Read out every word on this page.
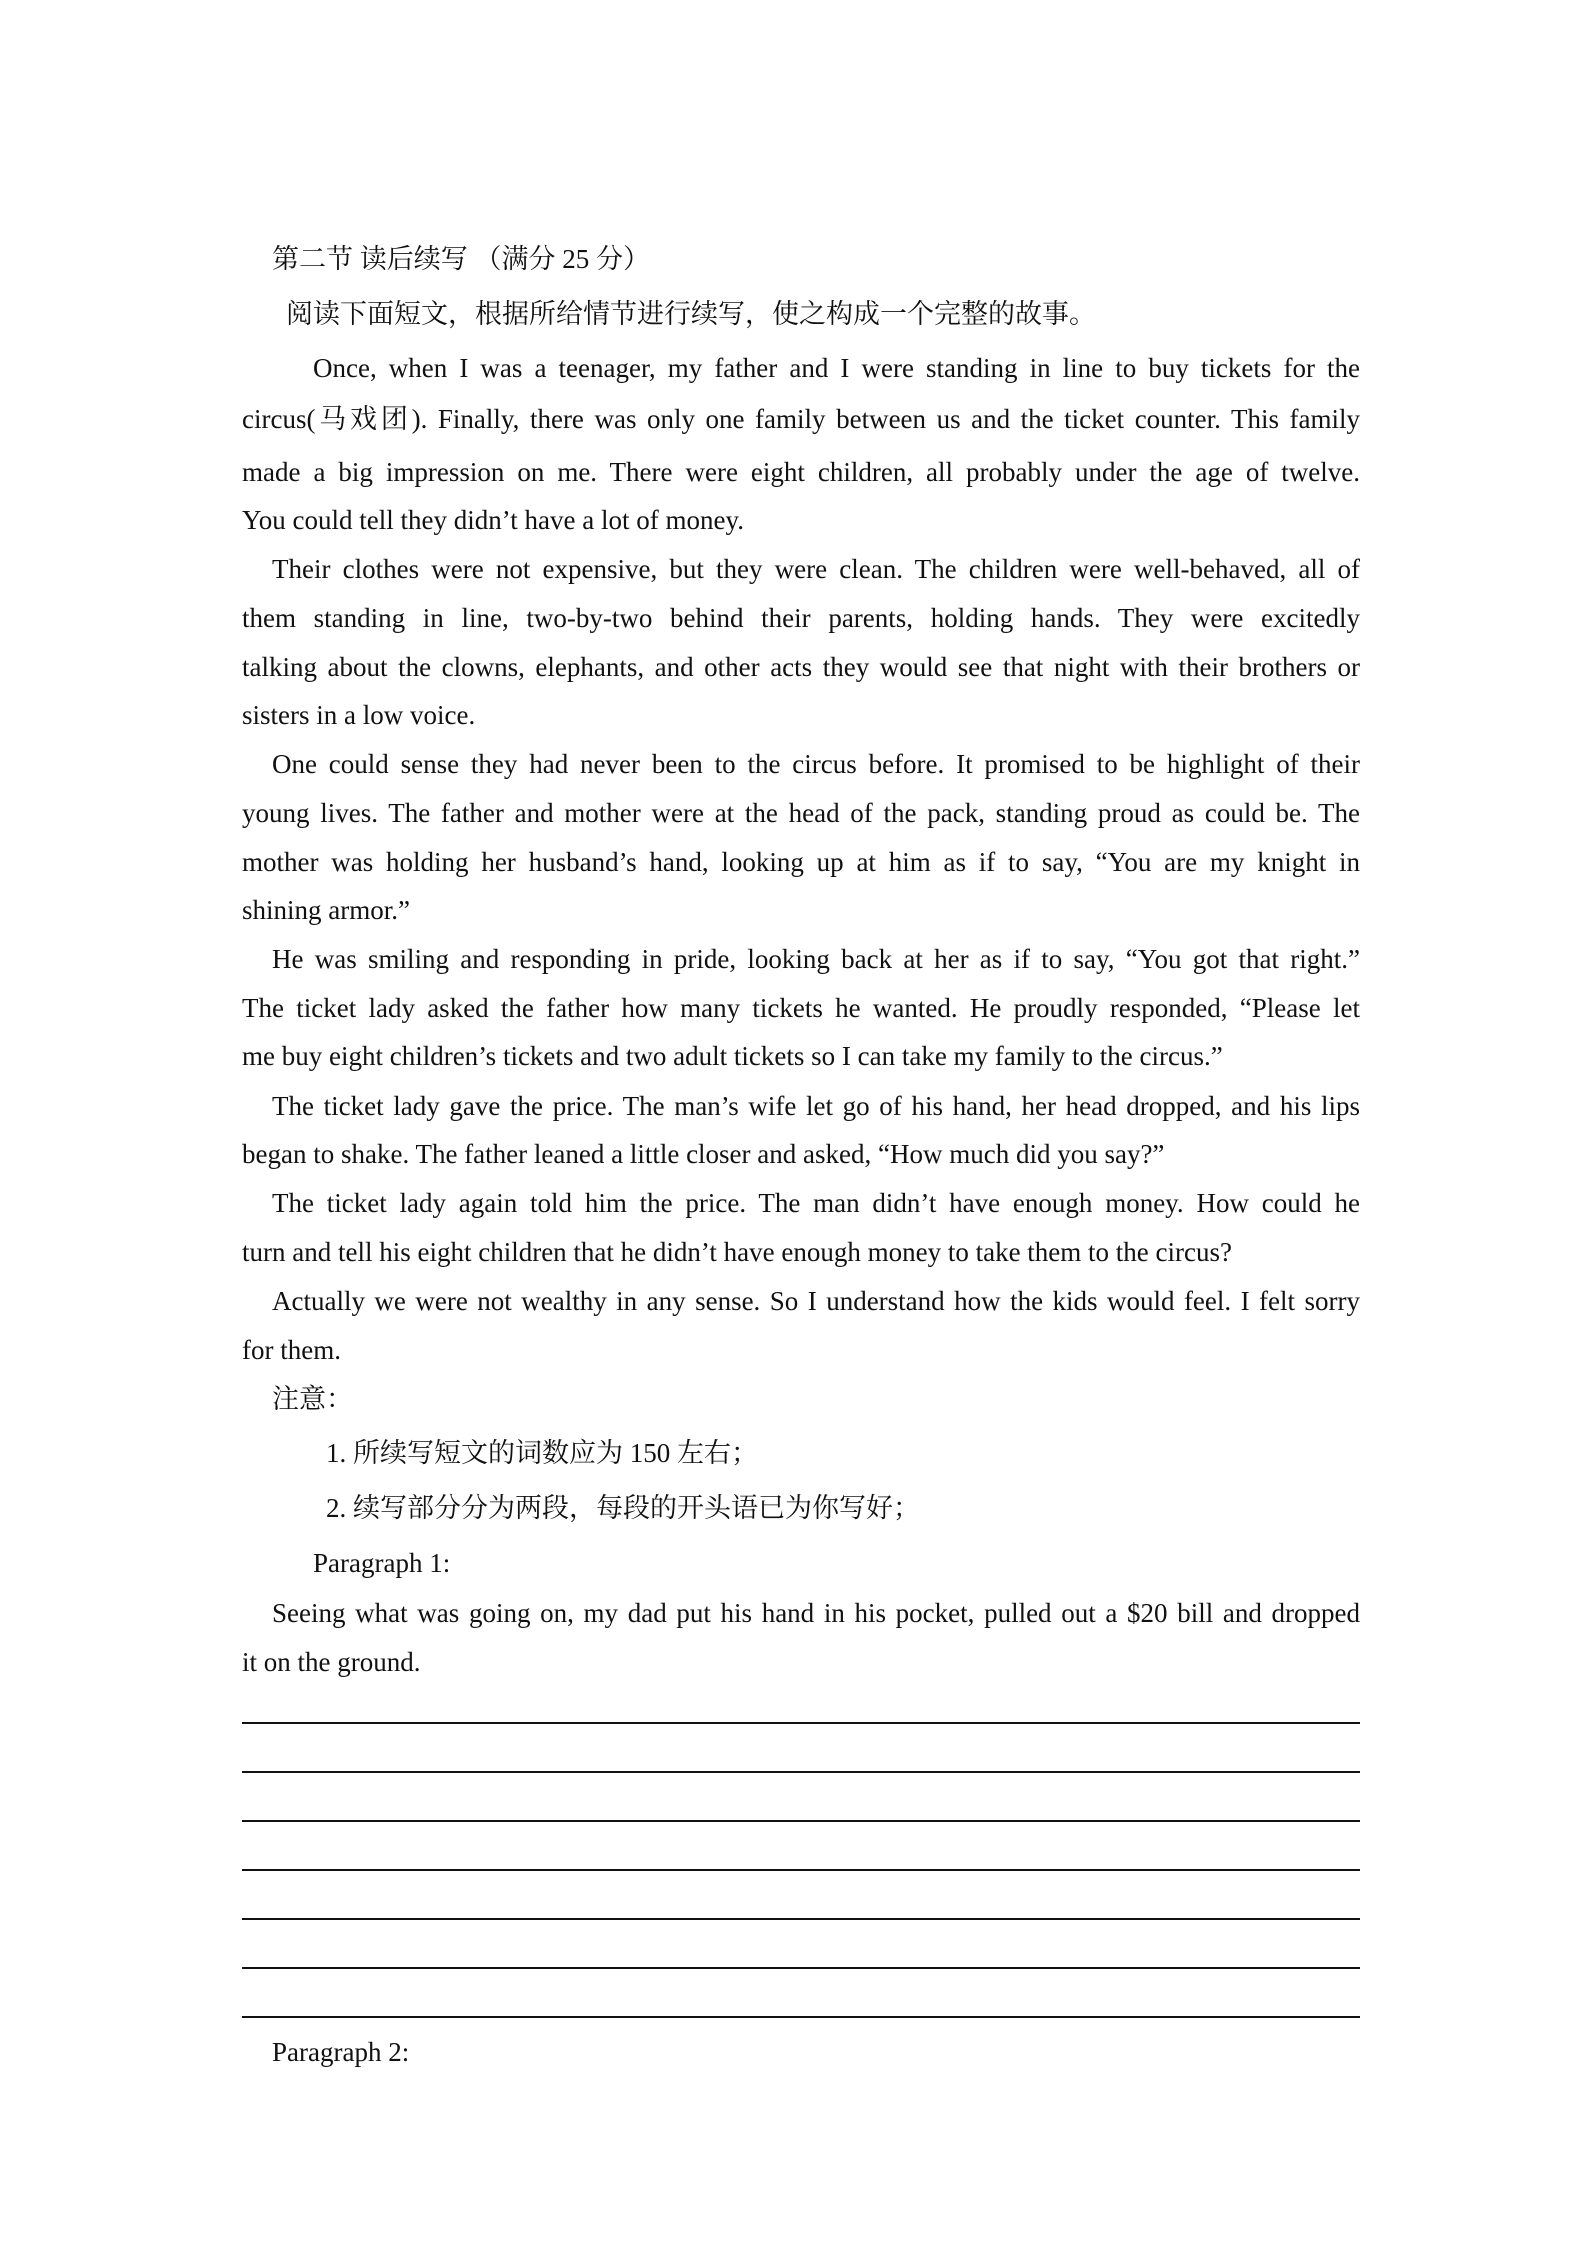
第二节 读后续写 （满分 25 分）
阅读下面短文，根据所给情节进行续写，使之构成一个完整的故事。
Once, when I was a teenager, my father and I were standing in line to buy tickets for the
circus(马戏团). Finally, there was only one family between us and the ticket counter. This family
made a big impression on me. There were eight children, all probably under the age of twelve.
You could tell they didn’t have a lot of money.
Their clothes were not expensive, but they were clean. The children were well-behaved, all of
them standing in line, two-by-two behind their parents, holding hands. They were excitedly
talking about the clowns, elephants, and other acts they would see that night with their brothers or
sisters in a low voice.
One could sense they had never been to the circus before. It promised to be highlight of their
young lives. The father and mother were at the head of the pack, standing proud as could be. The
mother was holding her husband’s hand, looking up at him as if to say, “You are my knight in
shining armor.”
He was smiling and responding in pride, looking back at her as if to say, “You got that right.”
The ticket lady asked the father how many tickets he wanted. He proudly responded, “Please let
me buy eight children’s tickets and two adult tickets so I can take my family to the circus.”
The ticket lady gave the price. The man’s wife let go of his hand, her head dropped, and his lips
began to shake. The father leaned a little closer and asked, “How much did you say?”
The ticket lady again told him the price. The man didn’t have enough money. How could he
turn and tell his eight children that he didn’t have enough money to take them to the circus?
Actually we were not wealthy in any sense. So I understand how the kids would feel. I felt sorry
for them.
注意：
1. 所续写短文的词数应为 150 左右；
2. 续写部分分为两段，每段的开头语已为你写好；
Paragraph 1:
Seeing what was going on, my dad put his hand in his pocket, pulled out a $20 bill and dropped
it on the ground.
Paragraph 2:
